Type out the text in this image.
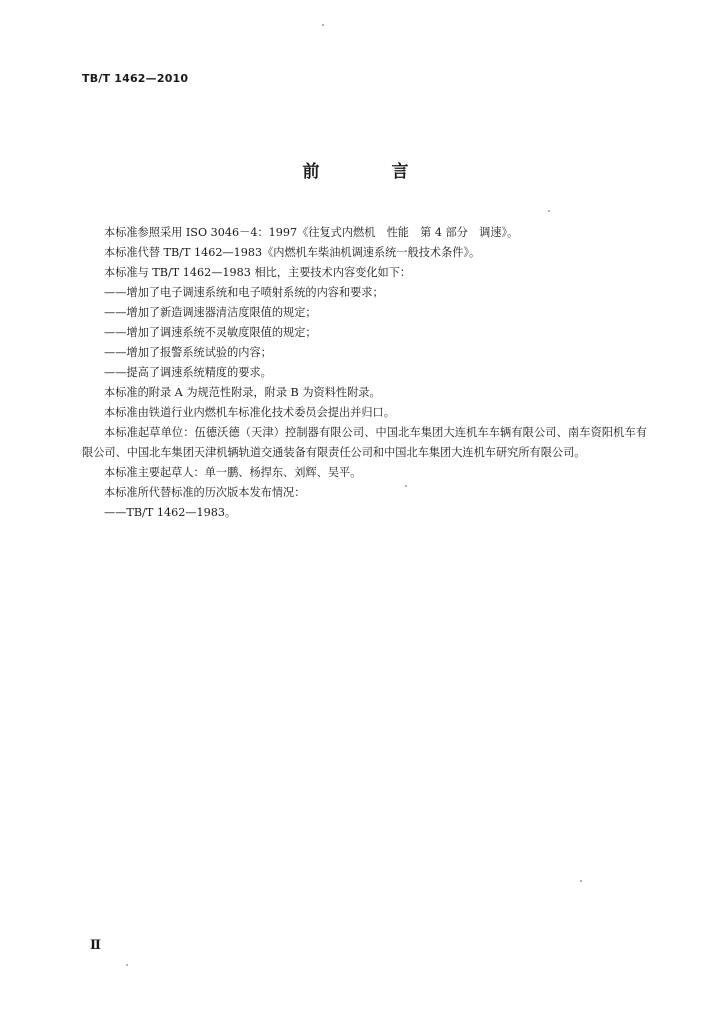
TB/T 1462—2010
前 言

本标准参照采用 ISO 3046－4：1997《往复式内燃机　性能　第 4 部分　调速》。

本标准代替 TB/T 1462—1983《内燃机车柴油机调速系统一般技术条件》。

本标准与 TB/T 1462—1983 相比，主要技术内容变化如下：

——增加了电子调速系统和电子喷射系统的内容和要求；

——增加了新造调速器清洁度限值的规定；

——增加了调速系统不灵敏度限值的规定；

——增加了报警系统试验的内容；

——提高了调速系统精度的要求。

本标准的附录 A 为规范性附录，附录 B 为资料性附录。

本标准由铁道行业内燃机车标准化技术委员会提出并归口。

本标准起草单位：伍德沃德（天津）控制器有限公司、中国北车集团大连机车车辆有限公司、南车资阳机车有限公司、中国北车集团天津机辆轨道交通装备有限责任公司和中国北车集团大连机车研究所有限公司。

本标准主要起草人：单一鹏、杨捍东、刘辉、吴平。

本标准所代替标准的历次版本发布情况：

——TB/T 1462—1983。

Ⅱ
